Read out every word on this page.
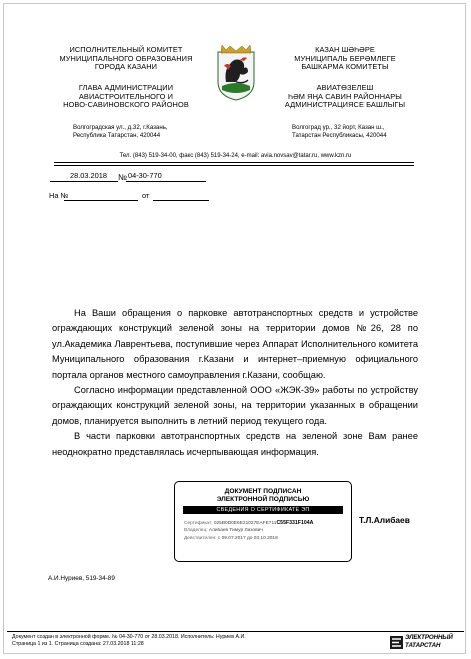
ИСПОЛНИТЕЛЬНЫЙ КОМИТЕТ
МУНИЦИПАЛЬНОГО ОБРАЗОВАНИЯ
ГОРОДА КАЗАНИ
ГЛАВА АДМИНИСТРАЦИИ
АВИАСТРОИТЕЛЬНОГО И
НОВО-САВИНОВСКОГО РАЙОНОВ
Волгоградская ул., д.32, г.Казань,
Республика Татарстан, 420044
КАЗАН ШӘҺӘРЕ
МУНИЦИПАЛЬ БЕРӘМЛЕГЕ
БАШКАРМА КОМИТЕТЫ
АВИАТӨЗЕЛЕШ
ҺӘМ ЯҢА САВИН РАЙОННАРЫ
АДМИНИСТРАЦИЯСЕ БАШЛЫГЫ
Волгоград ур., 32 йорт, Казан ш.,
Татарстан Республикасы, 420044
Тел. (843) 519-34-00, факс (843) 519-34-24, e-mail: avia.novsav@tatar.ru, www.kzn.ru
28.03.2018 № 04-30-770
На №	от

На Ваши обращения о парковке автотранспортных средств и устройстве ограждающих конструкций зеленой зоны на территории домов №26, 28 по ул.Академика Лаврентьева, поступившие через Аппарат Исполнительного комитета Муниципального образования г.Казани и интернет–приемную официального портала органов местного самоуправления г.Казани, сообщаю.

Согласно информации представленной ООО «ЖЭК-39» работы по устройству ограждающих конструкций зеленой зоны, на территории указанных в обращении домов, планируется выполнить в летний период текущего года.

В части парковки автотранспортных средств на зеленой зоне Вам ранее неоднократно представлялась исчерпывающая информация.

ДОКУМЕНТ ПОДПИСАН
ЭЛЕКТРОННОЙ ПОДПИСЬЮ
СВЕДЕНИЯ О СЕРТИФИКАТЕ ЭП
Сертификат: 025B0D0E6E21027EAFE711C55F331F104A
Владелец: Алибаев Тимур Лазович
Действителен: с 09.07.2017 до 03.10.2018
Т.Л.Алибаев
А.И.Нуриев, 519-34-89
Документ создан в электронной форме. № 04-30-770 от 28.03.2018. Исполнитель: Нуриев А.И.
Страница 1 из 1. Страница создана: 27.03.2018 11:28
ЭЛЕКТРОННЫЙ
ТАТАРСТАН
